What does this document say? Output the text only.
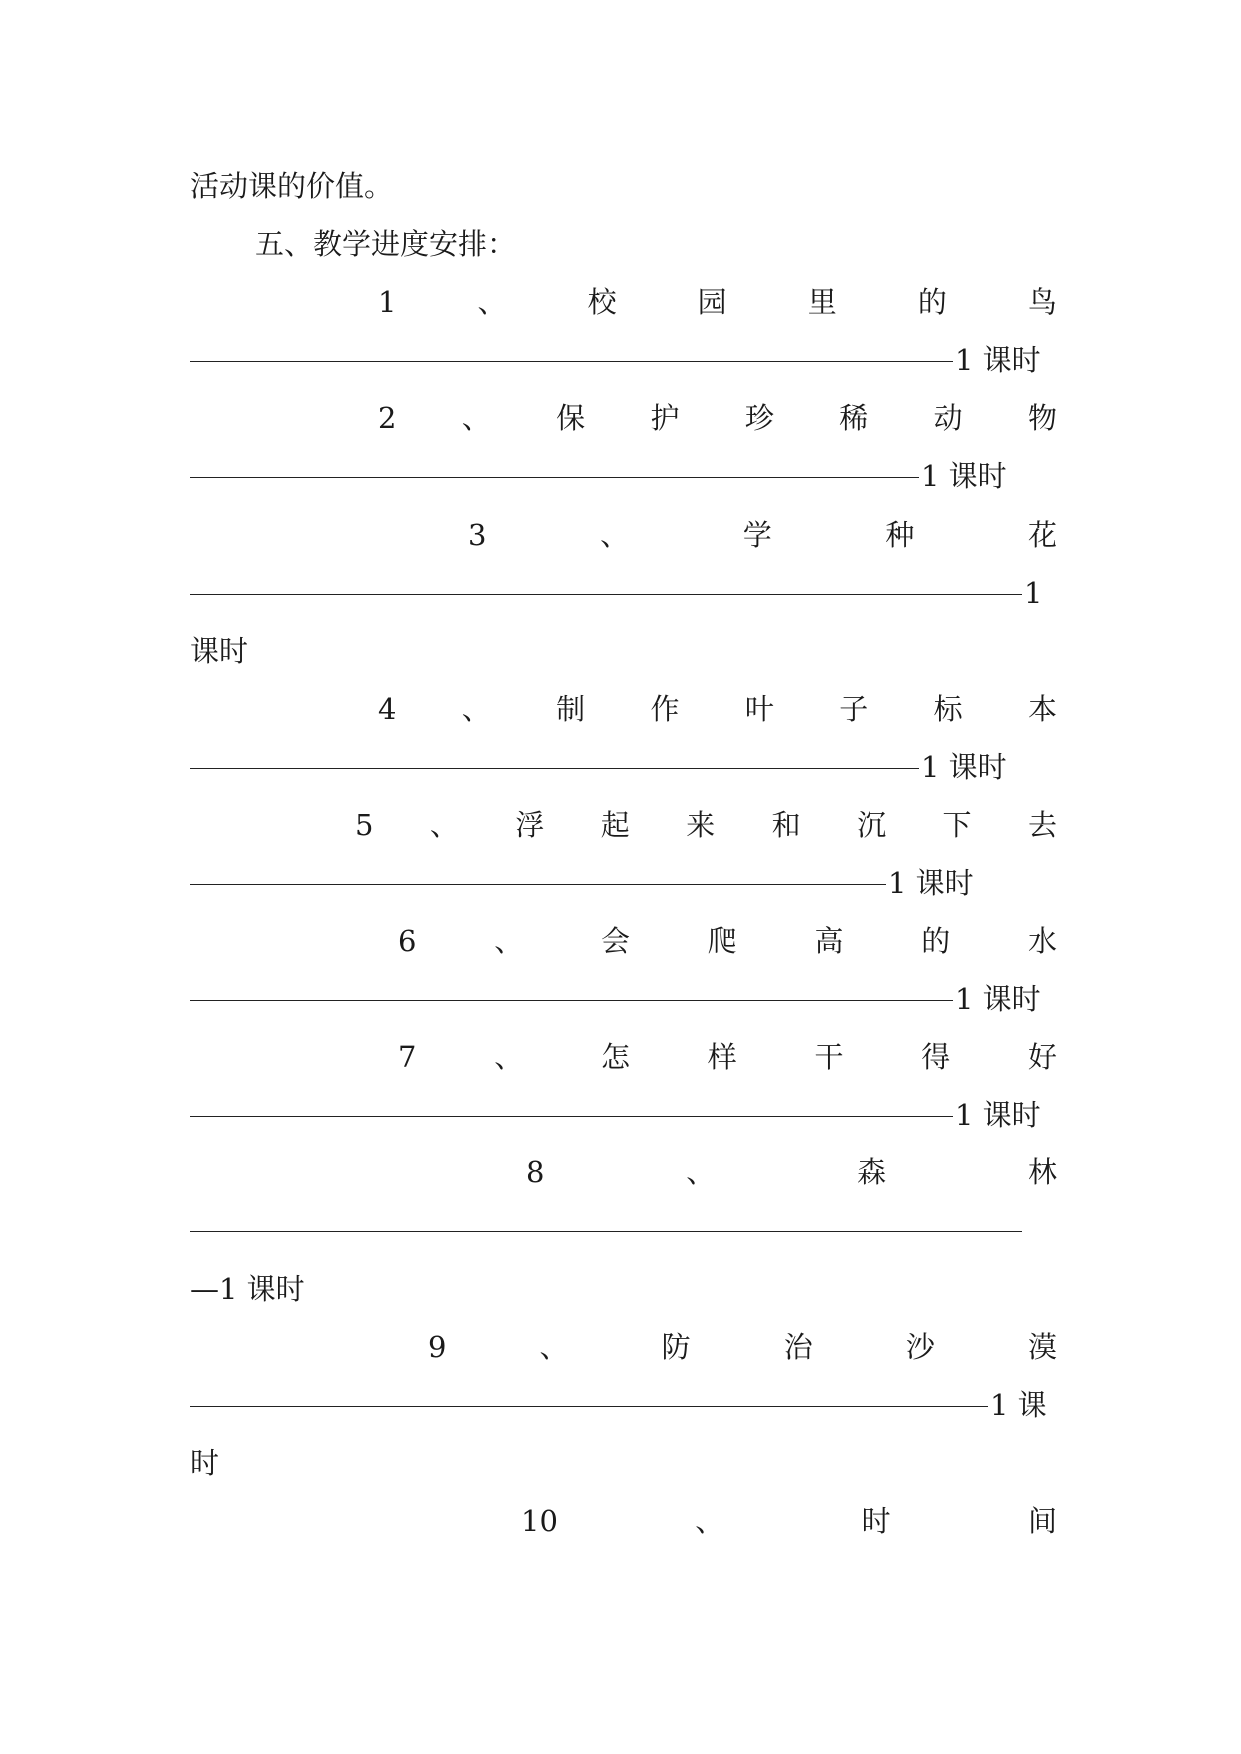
活动课的价值。
五、教学进度安排：
1	、	校	园	里	的	鸟
1 课时
2 、 保 护 珍 稀 动 物
1 课时
3	、	学	种	花
1
课时
4 、 制 作 叶 子 标 本
1 课时
5 、 浮 起 来 和 沉 下 去
1 课时
6	、	会	爬	高	的	水
1 课时
7	、	怎	样	干	得	好
1 课时
8	、	森	林
—1 课时
9	、	防	治	沙	漠
1 课
时
10	、	时	间
